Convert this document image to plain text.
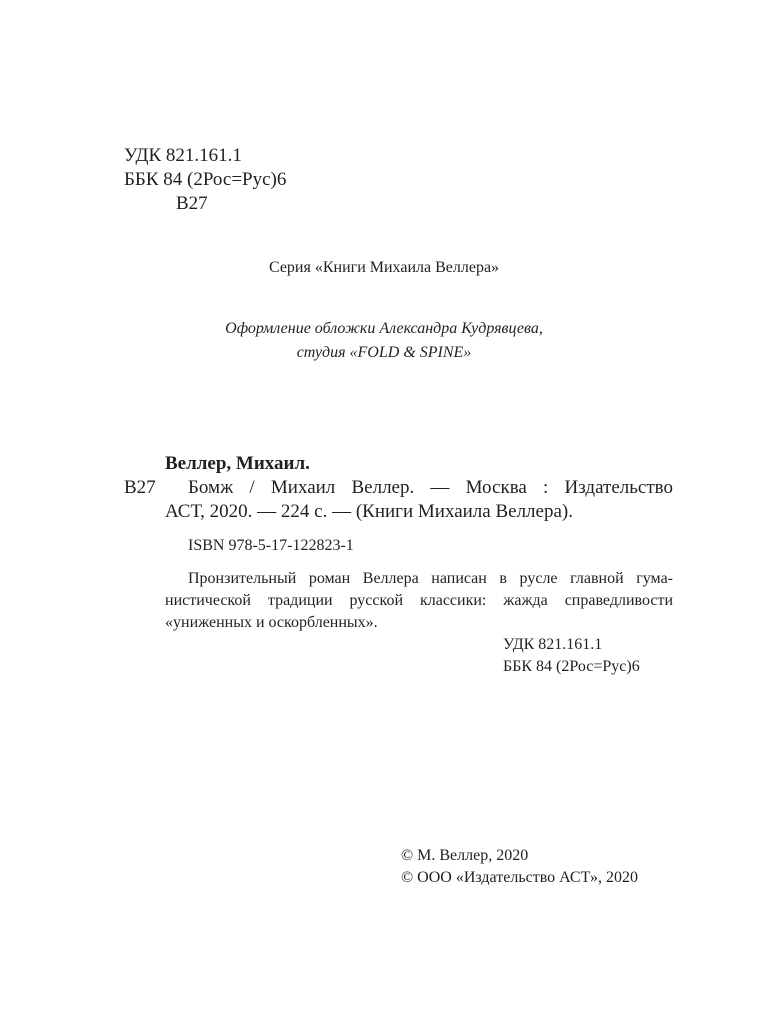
УДК 821.161.1
ББК 84 (2Рос=Рус)6
В27
Серия «Книги Михаила Веллера»
Оформление обложки Александра Кудрявцева,
студия «FOLD & SPINE»
Веллер, Михаил.
В27 Бомж / Михаил Веллер. — Москва : Издательство
АСТ, 2020. — 224 с. — (Книги Михаила Веллера).
ISBN 978-5-17-122823-1
Пронзительный роман Веллера написан в русле главной гума-
нистической традиции русской классики: жажда справедливости
«униженных и оскорбленных».
УДК 821.161.1
ББК 84 (2Рос=Рус)6
© М. Веллер, 2020
© ООО «Издательство АСТ», 2020
